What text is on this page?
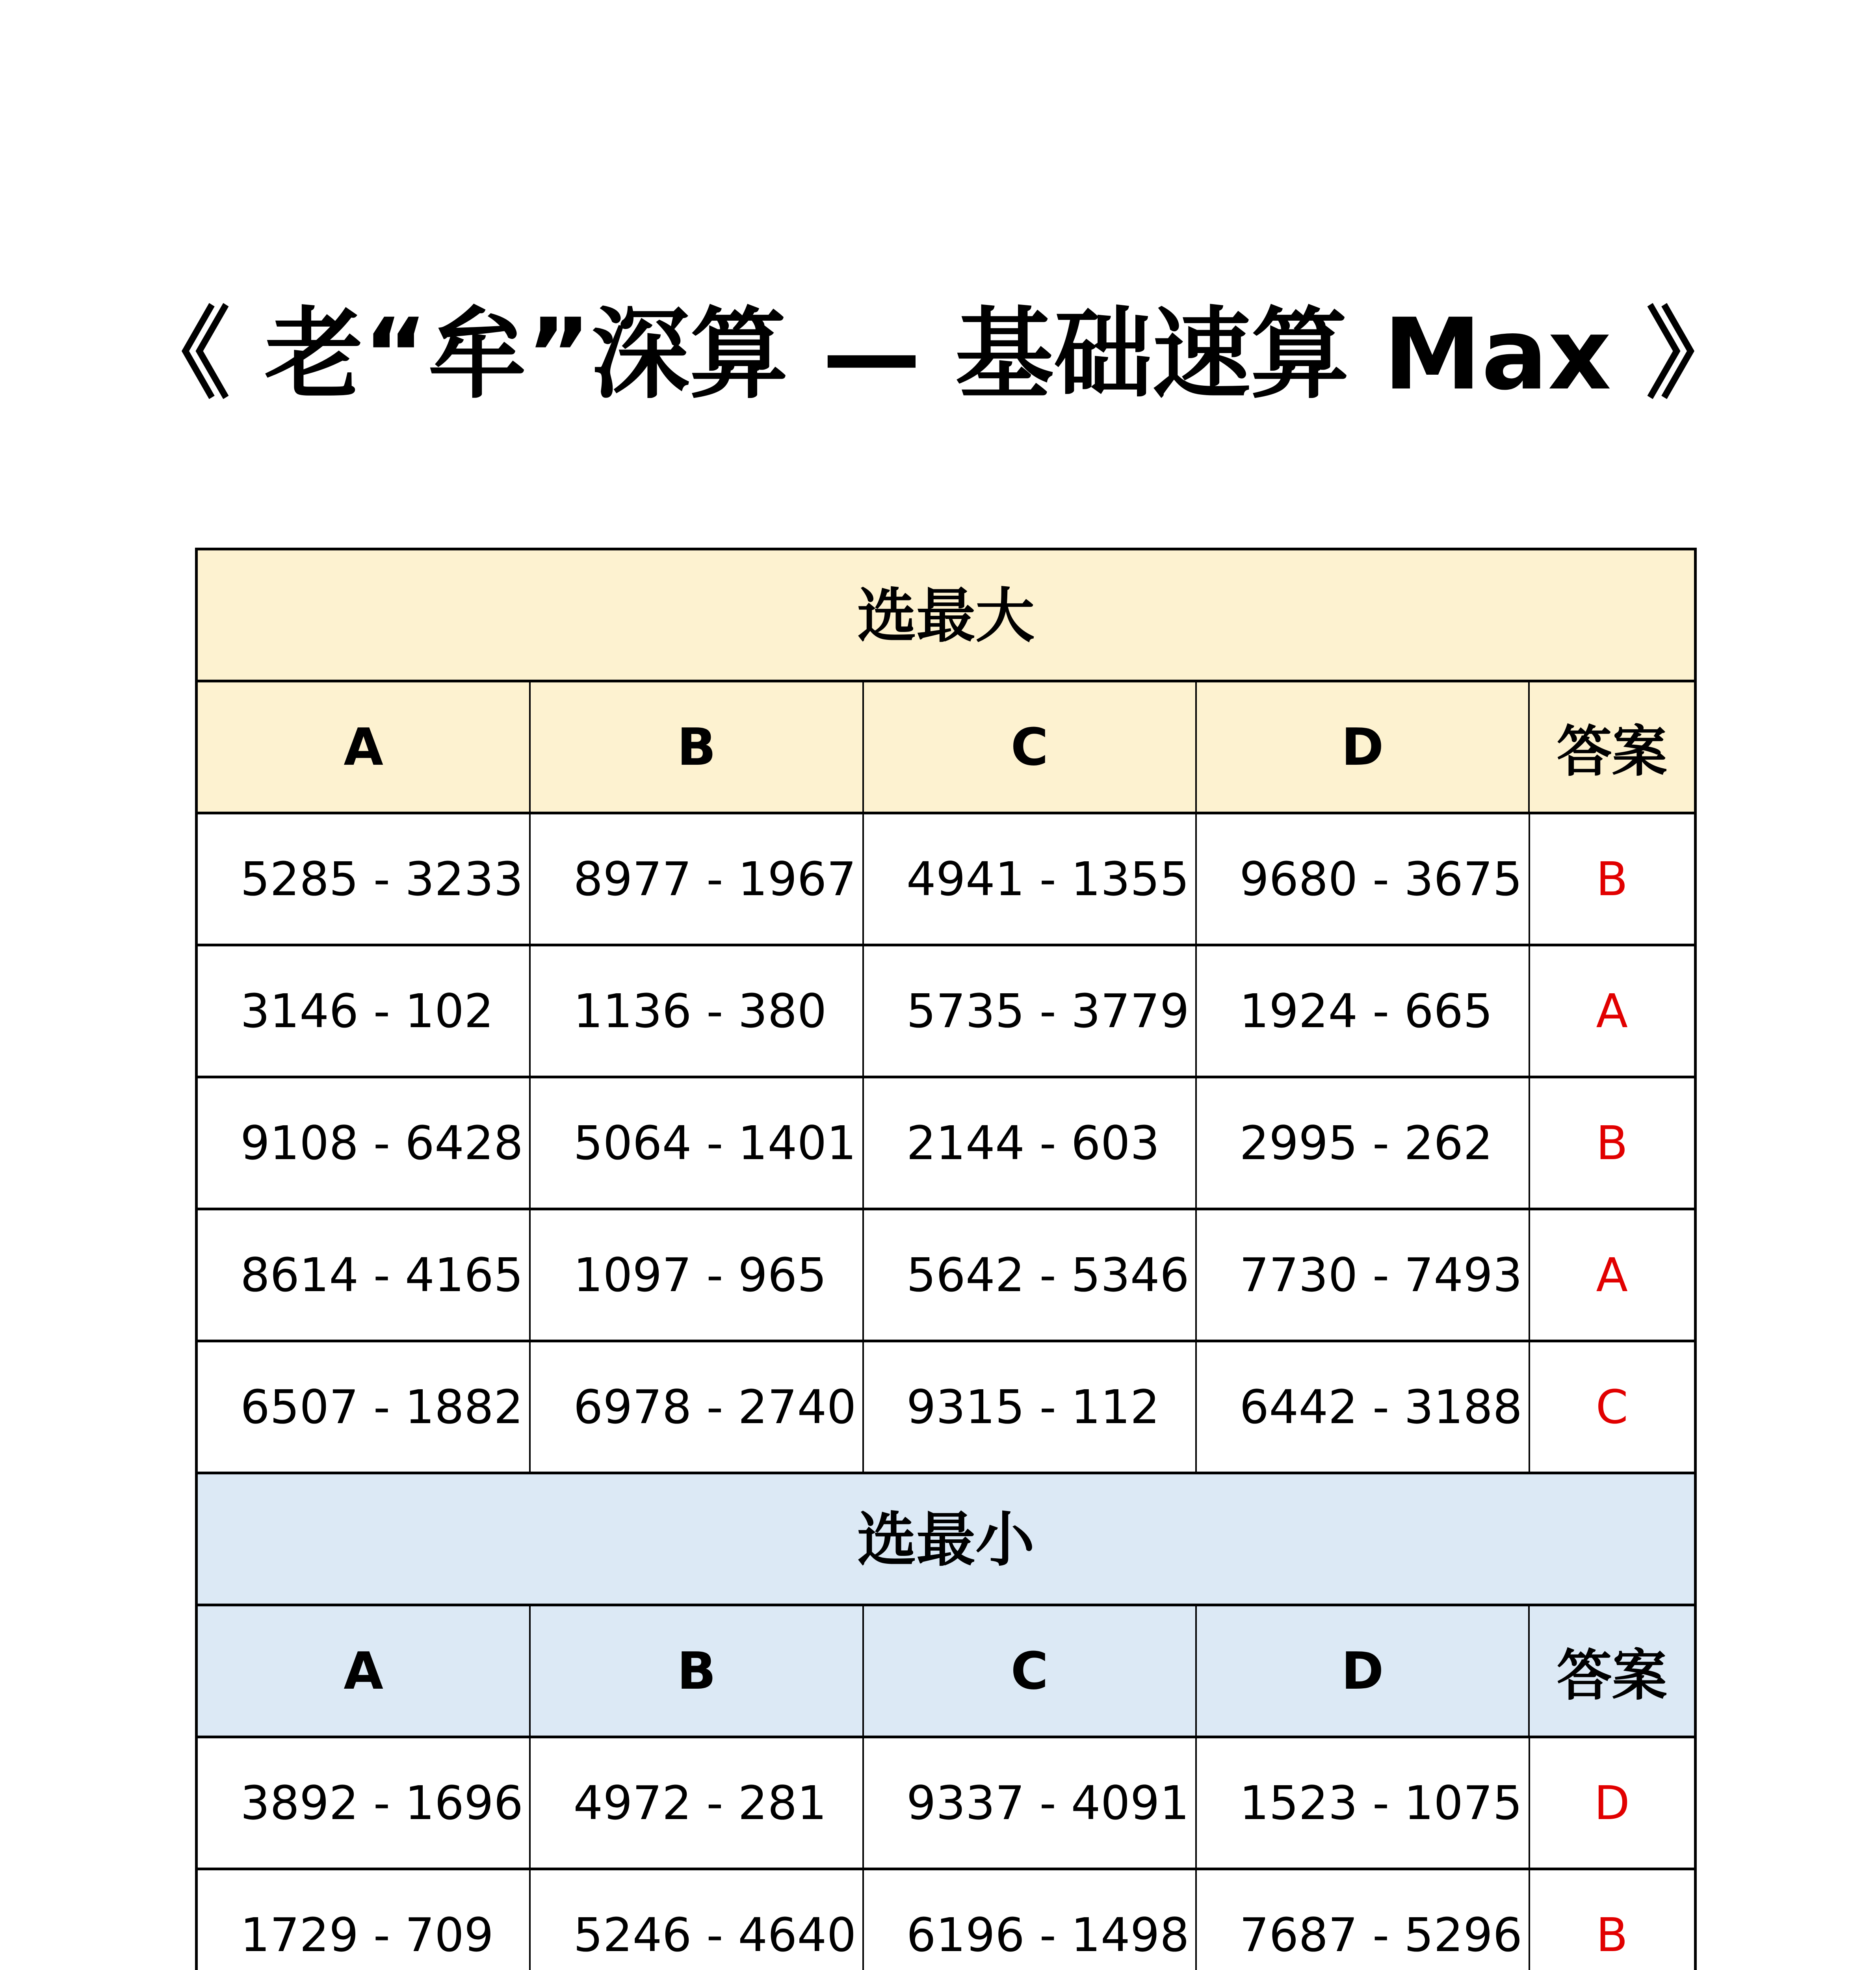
《 老“牟”深算 — 基础速算 Max 》
选最大
A	B	C	D	答案
5285 - 3233	8977 - 1967	4941 - 1355	9680 - 3675	B
3146 - 102	1136 - 380	5735 - 3779	1924 - 665	A
9108 - 6428	5064 - 1401	2144 - 603	2995 - 262	B
8614 - 4165	1097 - 965	5642 - 5346	7730 - 7493	A
6507 - 1882	6978 - 2740	9315 - 112	6442 - 3188	C
选最小
A	B	C	D	答案
3892 - 1696	4972 - 281	9337 - 4091	1523 - 1075	D
1729 - 709	5246 - 4640	6196 - 1498	7687 - 5296	B
